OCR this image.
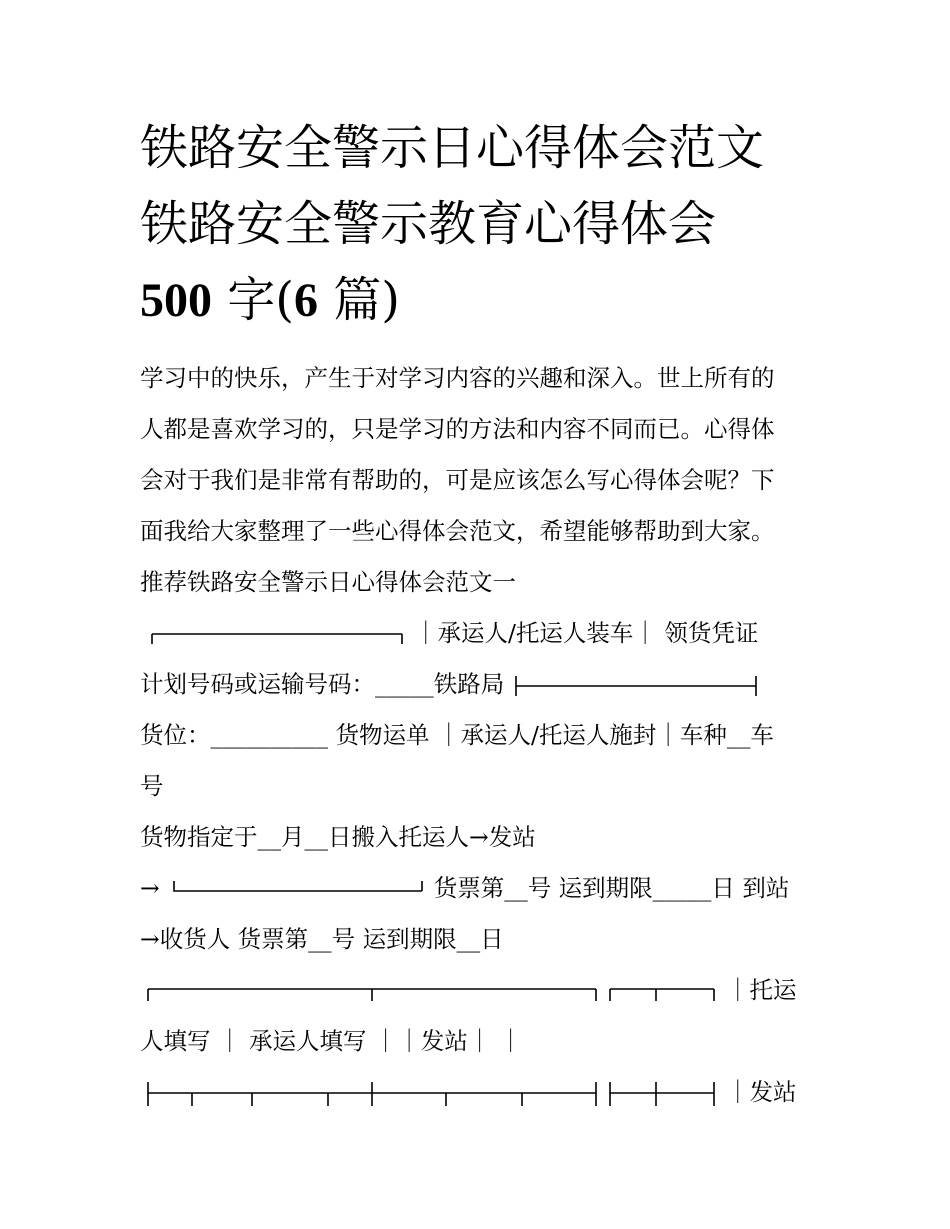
铁路安全警示日心得体会范文
铁路安全警示教育心得体会
500 字(6 篇)
学习中的快乐，产生于对学习内容的兴趣和深入。世上所有的
人都是喜欢学习的，只是学习的方法和内容不同而已。心得体
会对于我们是非常有帮助的，可是应该怎么写心得体会呢？下
面我给大家整理了一些心得体会范文，希望能够帮助到大家。
推荐铁路安全警示日心得体会范文一
｜承运人/托运人装车｜ 领货凭证
计划号码或运输号码：_____铁路局
货位：__________ 货物运单 ｜承运人/托运人施封｜车种__车
号
货物指定于__月__日搬入托运人→发站
→	货票第__号 运到期限_____日 到站
→收货人 货票第__号 运到期限__日
｜托运
人填写 ｜ 承运人填写 ｜｜发站｜ ｜
｜发站
